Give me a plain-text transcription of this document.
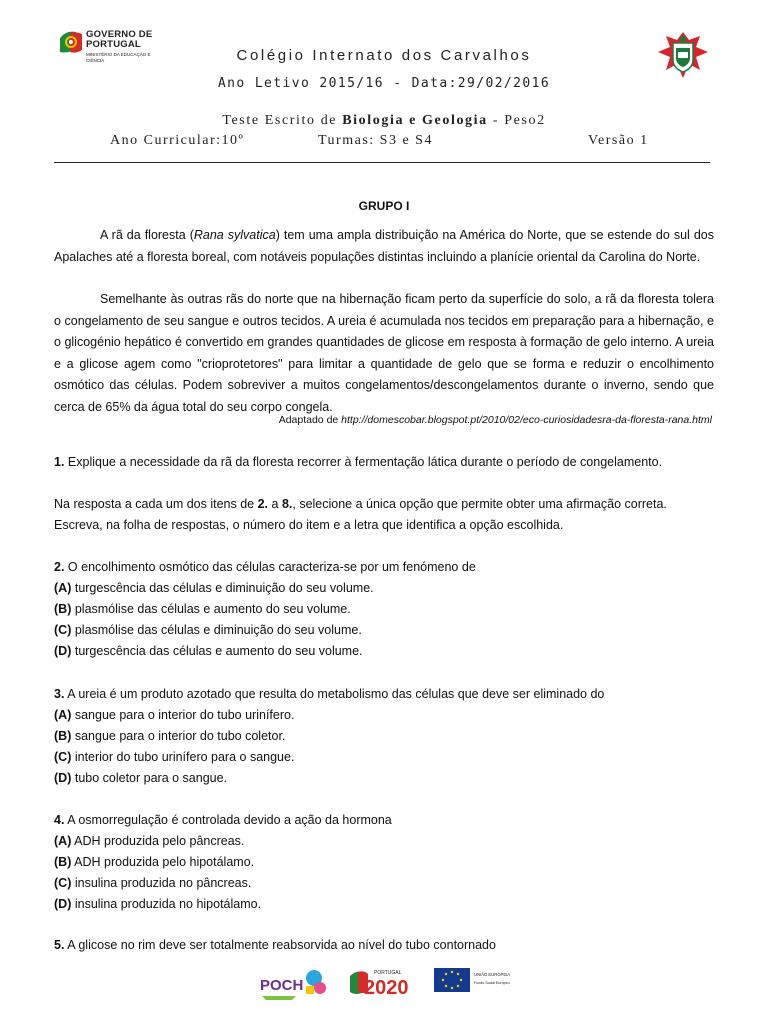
GOVERNO DE
PORTUGAL
MINISTÉRIO DA EDUCAÇÃO E CIÊNCIA	Colégio Internato dos Carvalhos
Ano Letivo 2015/16 - Data:29/02/2016
Teste Escrito de Biologia e Geologia - Peso2
Ano Curricular:10º	Turmas: S3 e S4	Versão 1
GRUPO I
A rã da floresta (Rana sylvatica) tem uma ampla distribuição na América do Norte, que se estende do sul dos Apalaches até a floresta boreal, com notáveis populações distintas incluindo a planície oriental da Carolina do Norte.
Semelhante às outras rãs do norte que na hibernação ficam perto da superfície do solo, a rã da floresta tolera o congelamento de seu sangue e outros tecidos. A ureia é acumulada nos tecidos em preparação para a hibernação, e o glicogénio hepático é convertido em grandes quantidades de glicose em resposta à formação de gelo interno. A ureia e a glicose agem como "crioprotetores" para limitar a quantidade de gelo que se forma e reduzir o encolhimento osmótico das células. Podem sobreviver a muitos congelamentos/descongelamentos durante o inverno, sendo que cerca de 65% da água total do seu corpo congela.
Adaptado de http://domescobar.blogspot.pt/2010/02/eco-curiosidadesra-da-floresta-rana.html
1. Explique a necessidade da rã da floresta recorrer à fermentação lática durante o período de congelamento.
Na resposta a cada um dos itens de 2. a 8., selecione a única opção que permite obter uma afirmação correta.
Escreva, na folha de respostas, o número do item e a letra que identifica a opção escolhida.
2. O encolhimento osmótico das células caracteriza-se por um fenómeno de
(A) turgescência das células e diminuição do seu volume.
(B) plasmólise das células e aumento do seu volume.
(C) plasmólise das células e diminuição do seu volume.
(D) turgescência das células e aumento do seu volume.
3. A ureia é um produto azotado que resulta do metabolismo das células que deve ser eliminado do
(A) sangue para o interior do tubo urinífero.
(B) sangue para o interior do tubo coletor.
(C) interior do tubo urinífero para o sangue.
(D) tubo coletor para o sangue.
4. A osmorregulação é controlada devido a ação da hormona
(A) ADH produzida pelo pâncreas.
(B) ADH produzida pelo hipotálamo.
(C) insulina produzida no pâncreas.
(D) insulina produzida no hipotálamo.
5. A glicose no rim deve ser totalmente reabsorvida ao nível do tubo contornado
POCH
PORTUGAL
2020
UNIÃO EUROPEIA
Fundo Social Europeu
